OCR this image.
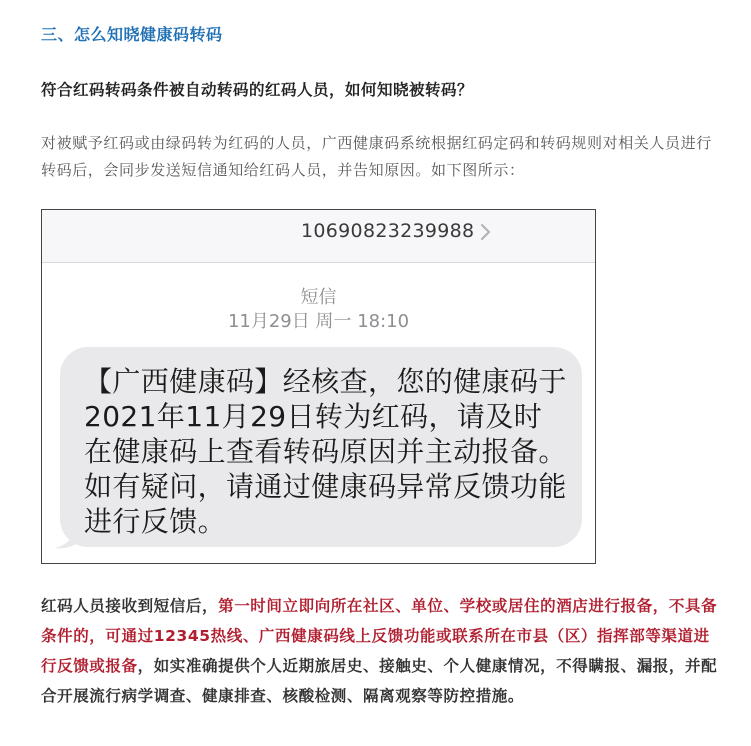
三、怎么知晓健康码转码
符合红码转码条件被自动转码的红码人员，如何知晓被转码？
对被赋予红码或由绿码转为红码的人员，广西健康码系统根据红码定码和转码规则对相关人员进行转码后，会同步发送短信通知给红码人员，并告知原因。如下图所示：
10690823239988
短信
11月29日 周一 18:10
【广西健康码】经核查，您的健康码于2021年11月29日转为红码，请及时在健康码上查看转码原因并主动报备。如有疑问，请通过健康码异常反馈功能进行反馈。
红码人员接收到短信后，第一时间立即向所在社区、单位、学校或居住的酒店进行报备，不具备条件的，可通过12345热线、广西健康码线上反馈功能或联系所在市县（区）指挥部等渠道进行反馈或报备，如实准确提供个人近期旅居史、接触史、个人健康情况，不得瞒报、漏报，并配合开展流行病学调查、健康排查、核酸检测、隔离观察等防控措施。
